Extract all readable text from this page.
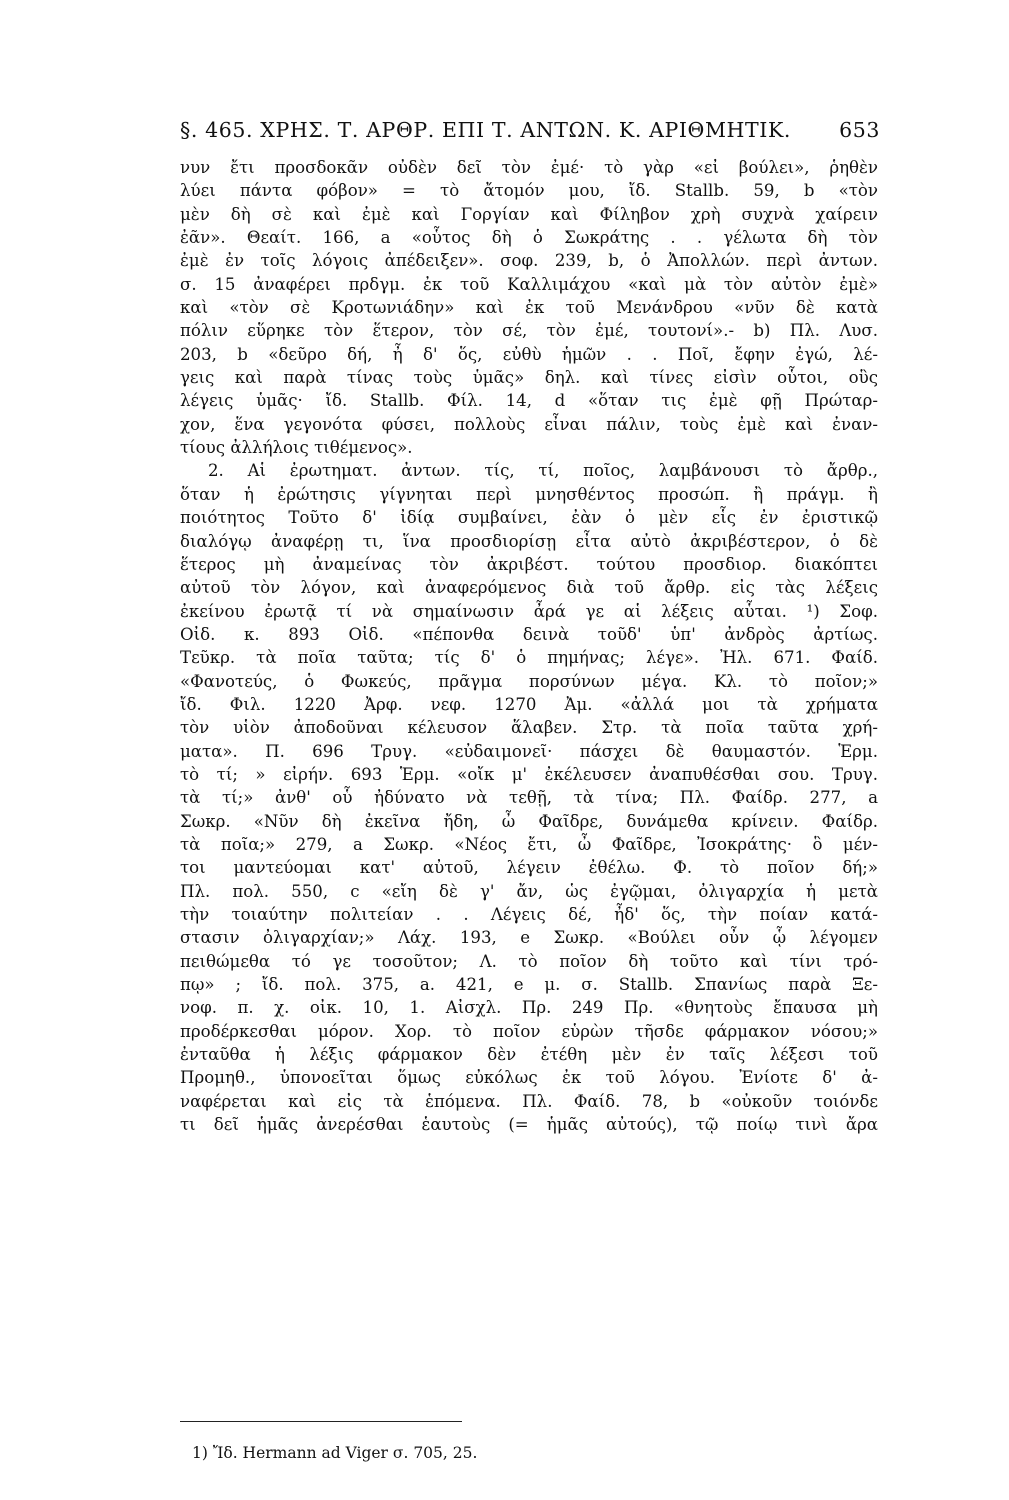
§. 465. ΧΡΗΣ. Τ. ΑΡΘΡ. ΕΠΙ Τ. ΑΝΤΩΝ. Κ. ΑΡΙΘΜΗΤΙΚ. 653
νυν ἔτι προσδοκᾶν οὐδὲν δεῖ τὸν ἐμέ· τὸ γὰρ «εἰ βούλει», ῥηθὲν
λύει πάντα φόβον» = τὸ ἄτομόν μου, ἴδ. Stallb. 59, b «τὸν
μὲν δὴ σὲ καὶ ἐμὲ καὶ Γοργίαν καὶ Φίληβον χρὴ συχνὰ χαίρειν
ἐᾶν». Θεαίτ. 166, a «οὗτος δὴ ὁ Σωκράτης . . γέλωτα δὴ τὸν
ἐμὲ ἐν τοῖς λόγοις ἀπέδειξεν». σοφ. 239, b, ὁ Ἀπολλών. περὶ ἀντων.
σ. 15 ἀναφέρει πρδγμ. ἐκ τοῦ Καλλιμάχου «καὶ μὰ τὸν αὐτὸν ἐμὲ»
καὶ «τὸν σὲ Κροτωνιάδην» καὶ ἐκ τοῦ Μενάνδρου «νῦν δὲ κατὰ
πόλιν εὕρηκε τὸν ἕτερον, τὸν σέ, τὸν ἐμέ, τουτονί».- b) Πλ. Λυσ.
203, b «δεῦρο δή, ἦ δ' ὅς, εὐθὺ ἡμῶν . . Ποῖ, ἔφην ἐγώ, λέ-
γεις καὶ παρὰ τίνας τοὺς ὑμᾶς» δηλ. καὶ τίνες εἰσὶν οὗτοι, οὓς
λέγεις ὑμᾶς· ἴδ. Stallb. Φίλ. 14, d «ὅταν τις ἐμὲ φῇ Πρώταρ-
χον, ἕνα γεγονότα φύσει, πολλοὺς εἶναι πάλιν, τοὺς ἐμὲ καὶ ἐναν-
τίους ἀλλήλοις τιθέμενος».
2. Αἱ ἐρωτηματ. ἀντων. τίς, τί, ποῖος, λαμβάνουσι τὸ ἄρθρ.,
ὅταν ἡ ἐρώτησις γίγνηται περὶ μνησθέντος προσώπ. ἢ πράγμ. ἢ
ποιότητος Τοῦτο δ' ἰδίᾳ συμβαίνει, ἐὰν ὁ μὲν εἷς ἐν ἐριστικῷ
διαλόγῳ ἀναφέρῃ τι, ἵνα προσδιορίσῃ εἶτα αὐτὸ ἀκριβέστερον, ὁ δὲ
ἕτερος μὴ ἀναμείνας τὸν ἀκριβέστ. τούτου προσδιορ. διακόπτει
αὐτοῦ τὸν λόγον, καὶ ἀναφερόμενος διὰ τοῦ ἄρθρ. εἰς τὰς λέξεις
ἐκείνου ἐρωτᾷ τί νὰ σημαίνωσιν ἆρά γε αἱ λέξεις αὗται. ¹) Σοφ.
Οἰδ. κ. 893 Οἰδ. «πέπονθα δεινὰ τοῦδ' ὑπ' ἀνδρὸς ἀρτίως.
Τεῦκρ. τὰ ποῖα ταῦτα; τίς δ' ὁ πημήνας; λέγε». Ἠλ. 671. Φαίδ.
«Φανοτεύς, ὁ Φωκεύς, πρᾶγμα πορσύνων μέγα. Κλ. τὸ ποῖον;»
ἴδ. Φιλ. 1220 Ἀρφ. νεφ. 1270 Ἀμ. «ἀλλά μοι τὰ χρήματα
τὸν υἱὸν ἀποδοῦναι κέλευσον ἅλαβεν. Στρ. τὰ ποῖα ταῦτα χρή-
ματα». Π. 696 Τρυγ. «εὐδαιμονεῖ· πάσχει δὲ θαυμαστόν. Ἑρμ.
τὸ τί; » εἰρήν. 693 Ἑρμ. «οἴκ μ' ἐκέλευσεν ἀναπυθέσθαι σου. Τρυγ.
τὰ τί;» ἀνθ' οὗ ἠδύνατο νὰ τεθῇ, τὰ τίνα; Πλ. Φαίδρ. 277, a
Σωκρ. «Νῦν δὴ ἐκεῖνα ἤδη, ὦ Φαῖδρε, δυνάμεθα κρίνειν. Φαίδρ.
τὰ ποῖα;» 279, a Σωκρ. «Νέος ἔτι, ὦ Φαῖδρε, Ἰσοκράτης· ὃ μέν-
τοι μαντεύομαι κατ' αὐτοῦ, λέγειν ἐθέλω. Φ. τὸ ποῖον δή;»
Πλ. πολ. 550, c «εἴη δὲ γ' ἄν, ὡς ἐγῷμαι, ὀλιγαρχία ἡ μετὰ
τὴν τοιαύτην πολιτείαν . . Λέγεις δέ, ἦδ' ὅς, τὴν ποίαν κατά-
στασιν ὀλιγαρχίαν;» Λάχ. 193, e Σωκρ. «Βούλει οὖν ᾧ λέγομεν
πειθώμεθα τό γε τοσοῦτον; Λ. τὸ ποῖον δὴ τοῦτο καὶ τίνι τρό-
πῳ» ; ἴδ. πολ. 375, a. 421, e μ. σ. Stallb. Σπανίως παρὰ Ξε-
νοφ. π. χ. οἰκ. 10, 1. Αἰσχλ. Πρ. 249 Πρ. «θνητοὺς ἔπαυσα μὴ
προδέρκεσθαι μόρον. Χορ. τὸ ποῖον εὑρὼν τῆσδε φάρμακον νόσου;»
ἐνταῦθα ἡ λέξις φάρμακον δὲν ἐτέθη μὲν ἐν ταῖς λέξεσι τοῦ
Προμηθ., ὑπονοεῖται ὅμως εὐκόλως ἐκ τοῦ λόγου. Ἐνίοτε δ' ἀ-
ναφέρεται καὶ εἰς τὰ ἑπόμενα. Πλ. Φαίδ. 78, b «οὐκοῦν τοιόνδε
τι δεῖ ἡμᾶς ἀνερέσθαι ἑαυτοὺς (= ἡμᾶς αὐτούς), τῷ ποίῳ τινὶ ἄρα
1) Ἴδ. Hermann ad Viger σ. 705, 25.
